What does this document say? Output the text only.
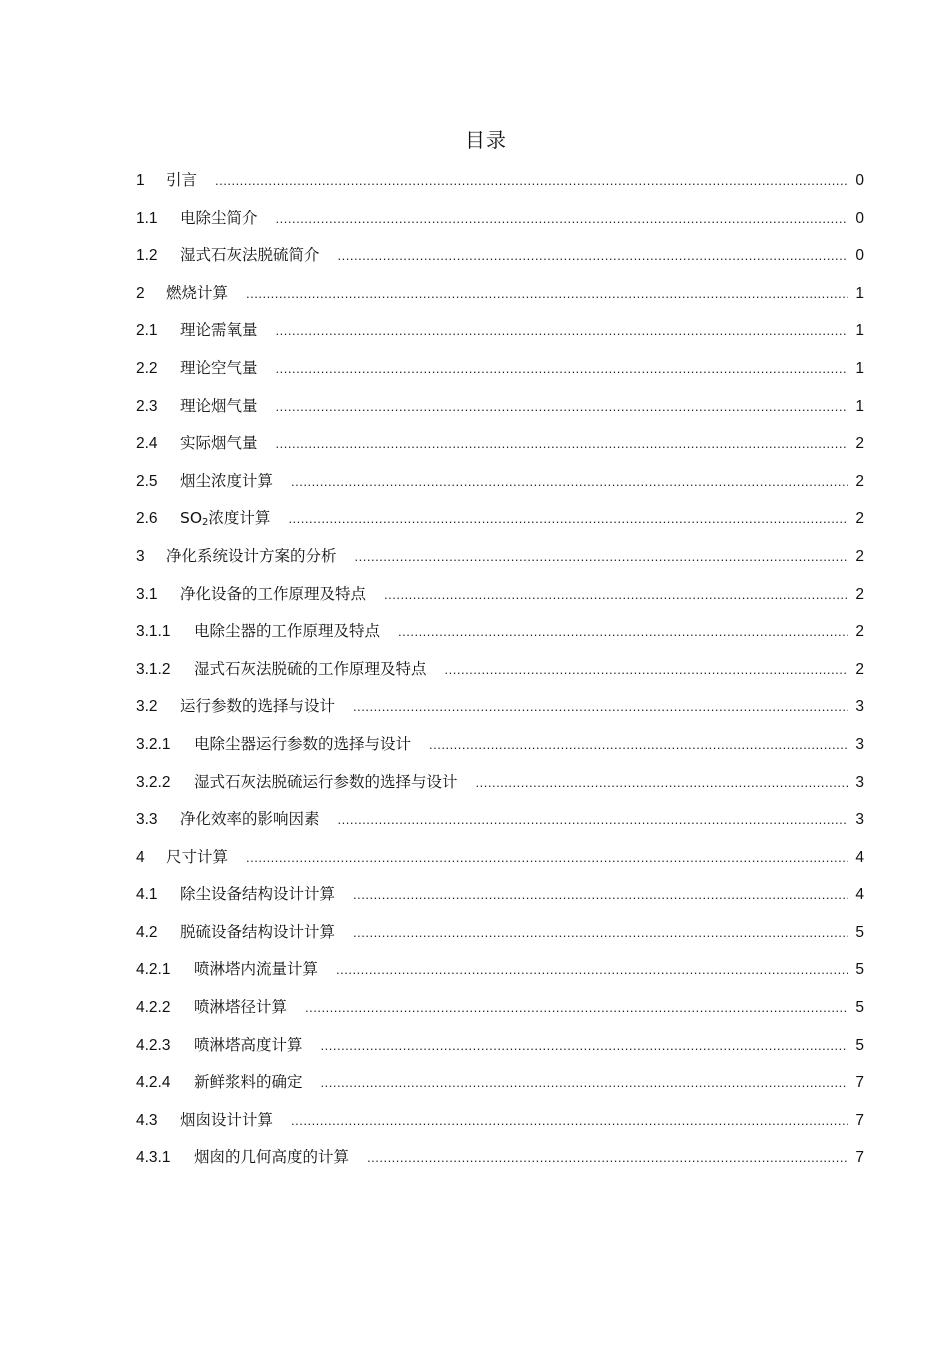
目录
1	引言 .....	0
1.1	电除尘简介 .....	0
1.2	湿式石灰法脱硫简介 .....	0
2	燃烧计算 .....	1
2.1	理论需氧量 .....	1
2.2	理论空气量 .....	1
2.3	理论烟气量 .....	1
2.4	实际烟气量 .....	2
2.5	烟尘浓度计算 .....	2
2.6	$SO_2$浓度计算 .....	2
3	净化系统设计方案的分析 .....	2
3.1	净化设备的工作原理及特点 .....	2
3.1.1	电除尘器的工作原理及特点 .....	2
3.1.2	湿式石灰法脱硫的工作原理及特点 .....	2
3.2	运行参数的选择与设计 .....	3
3.2.1	电除尘器运行参数的选择与设计 .....	3
3.2.2	湿式石灰法脱硫运行参数的选择与设计 .....	3
3.3	净化效率的影响因素 .....	3
4	尺寸计算 .....	4
4.1	除尘设备结构设计计算 .....	4
4.2	脱硫设备结构设计计算 .....	5
4.2.1	喷淋塔内流量计算 .....	5
4.2.2	喷淋塔径计算 .....	5
4.2.3	喷淋塔高度计算 .....	5
4.2.4	新鲜浆料的确定 .....	7
4.3	烟囱设计计算 .....	7
4.3.1	烟囱的几何高度的计算 .....	7
